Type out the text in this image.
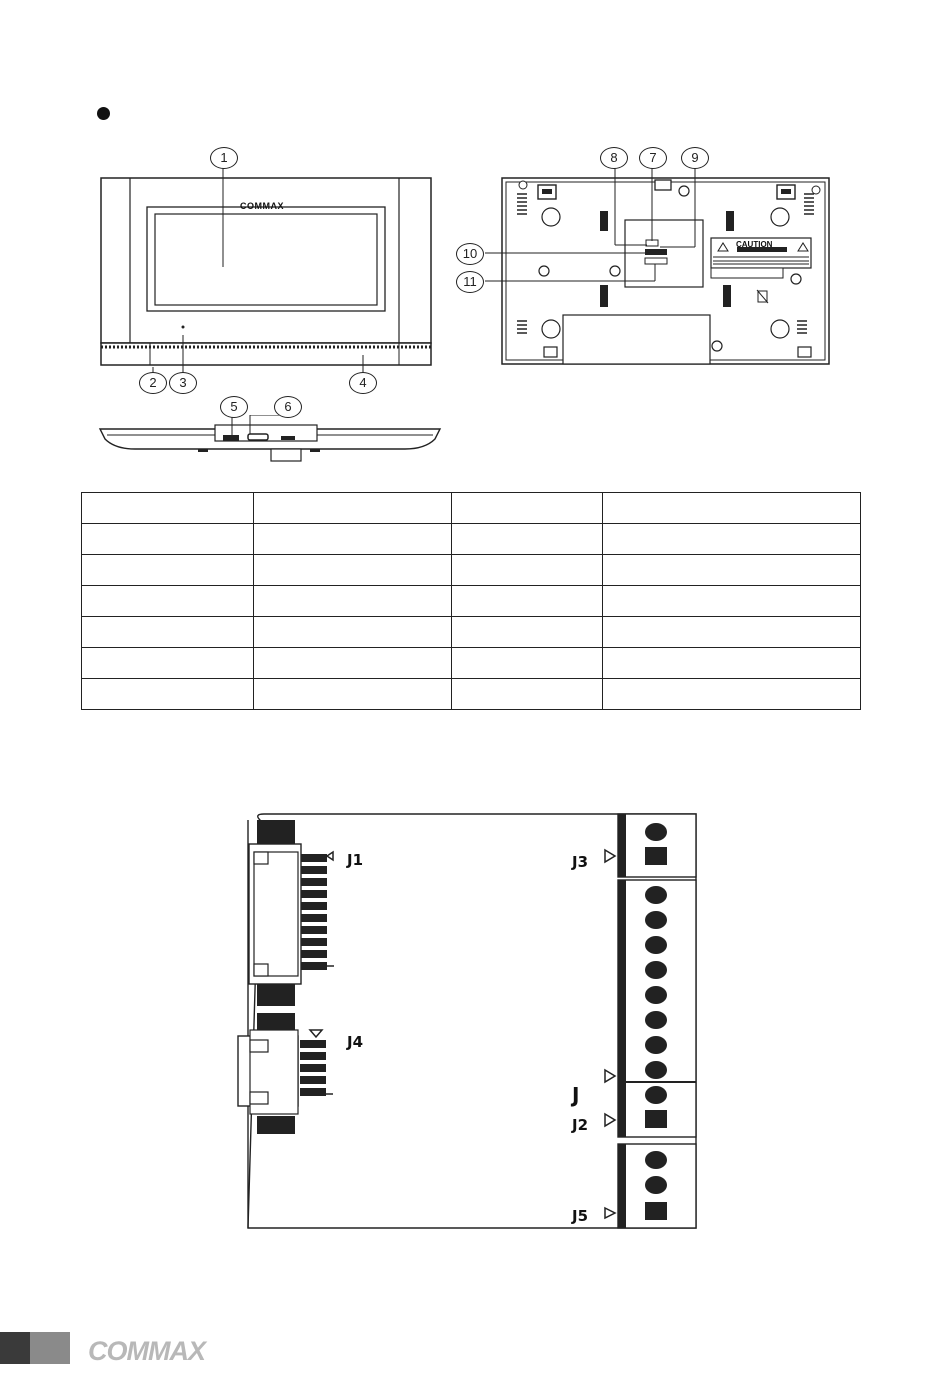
COMMAX
1
2	3	4
5	6
CAUTION
8	7	9
10
11

J1
J4
J3
J
J2
J5
COMMAX
